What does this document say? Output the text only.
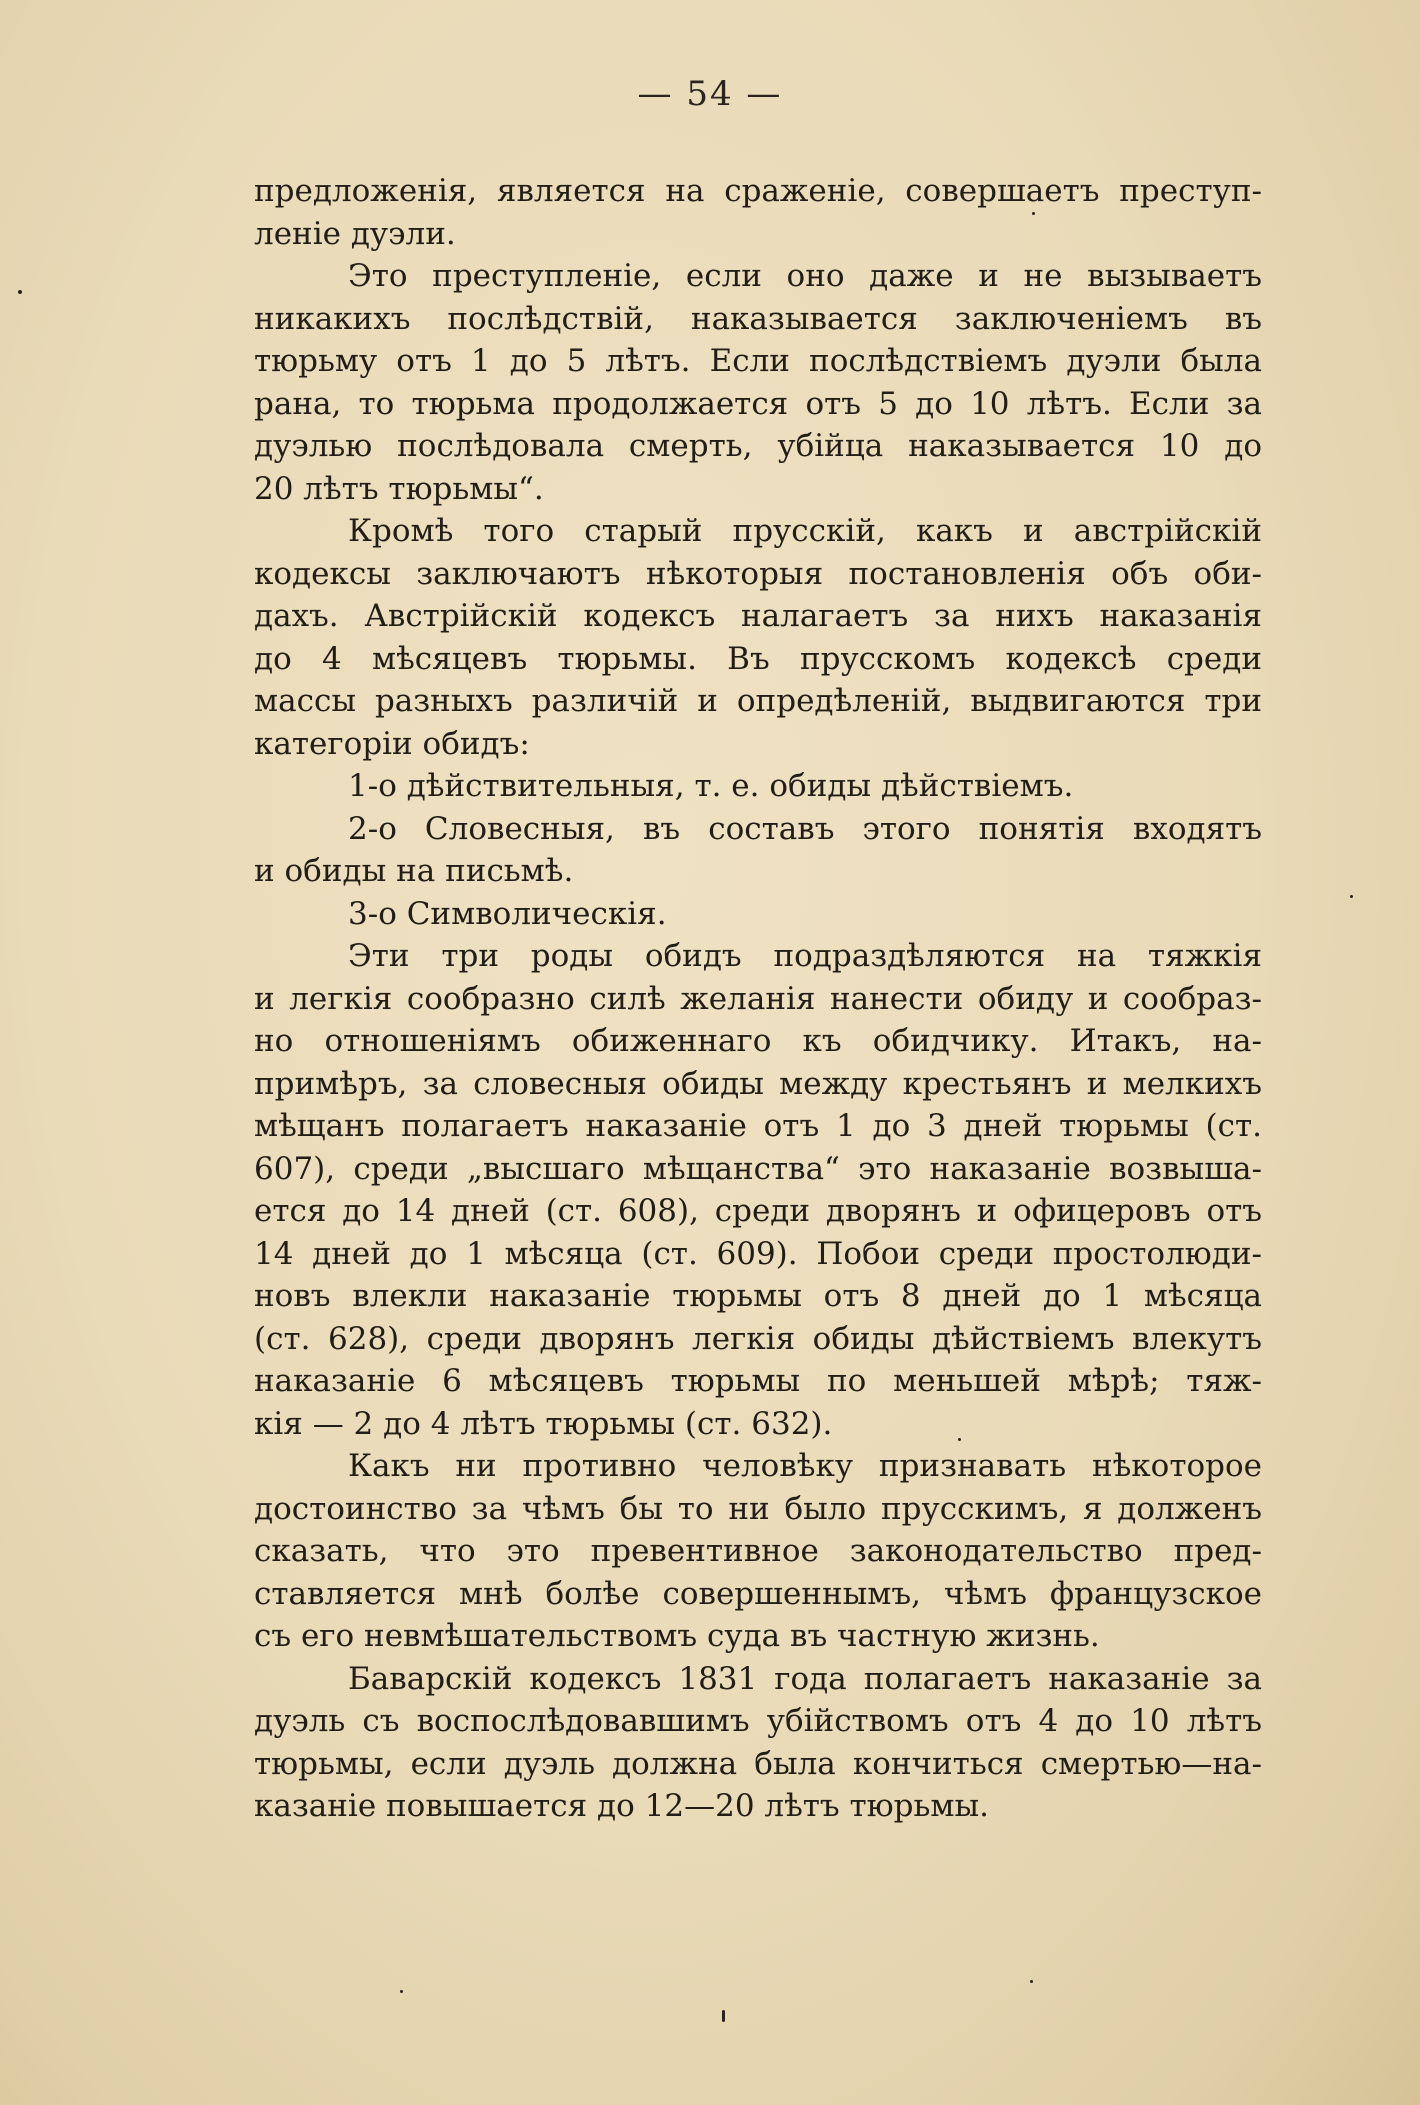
— 54 —
предложенія, является на сраженіе, совершаетъ преступ-
леніе дуэли.
Это преступленіе, если оно даже и не вызываетъ
никакихъ послѣдствій, наказывается заключеніемъ въ
тюрьму отъ 1 до 5 лѣтъ. Если послѣдствіемъ дуэли была
рана, то тюрьма продолжается отъ 5 до 10 лѣтъ. Если за
дуэлью послѣдовала смерть, убійца наказывается 10 до
20 лѣтъ тюрьмы“.
Кромѣ того старый прусскій, какъ и австрійскій
кодексы заключаютъ нѣкоторыя постановленія объ оби-
дахъ. Австрійскій кодексъ налагаетъ за нихъ наказанія
до 4 мѣсяцевъ тюрьмы. Въ прусскомъ кодексѣ среди
массы разныхъ различій и опредѣленій, выдвигаются три
категоріи обидъ:
1-о дѣйствительныя, т. е. обиды дѣйствіемъ.
2-о Словесныя, въ составъ этого понятія входятъ
и обиды на письмѣ.
3-о Символическія.
Эти три роды обидъ подраздѣляются на тяжкія
и легкія сообразно силѣ желанія нанести обиду и сообраз-
но отношеніямъ обиженнаго къ обидчику. Итакъ, на-
примѣръ, за словесныя обиды между крестьянъ и мелкихъ
мѣщанъ полагаетъ наказаніе отъ 1 до 3 дней тюрьмы (ст.
607), среди „высшаго мѣщанства“ это наказаніе возвыша-
ется до 14 дней (ст. 608), среди дворянъ и офицеровъ отъ
14 дней до 1 мѣсяца (ст. 609). Побои среди простолюди-
новъ влекли наказаніе тюрьмы отъ 8 дней до 1 мѣсяца
(ст. 628), среди дворянъ легкія обиды дѣйствіемъ влекутъ
наказаніе 6 мѣсяцевъ тюрьмы по меньшей мѣрѣ; тяж-
кія — 2 до 4 лѣтъ тюрьмы (ст. 632).
Какъ ни противно человѣку признавать нѣкоторое
достоинство за чѣмъ бы то ни было прусскимъ, я долженъ
сказать, что это превентивное законодательство пред-
ставляется мнѣ болѣе совершеннымъ, чѣмъ французское
съ его невмѣшательствомъ суда въ частную жизнь.
Баварскій кодексъ 1831 года полагаетъ наказаніе за
дуэль съ воспослѣдовавшимъ убійствомъ отъ 4 до 10 лѣтъ
тюрьмы, если дуэль должна была кончиться смертью—на-
казаніе повышается до 12—20 лѣтъ тюрьмы.
